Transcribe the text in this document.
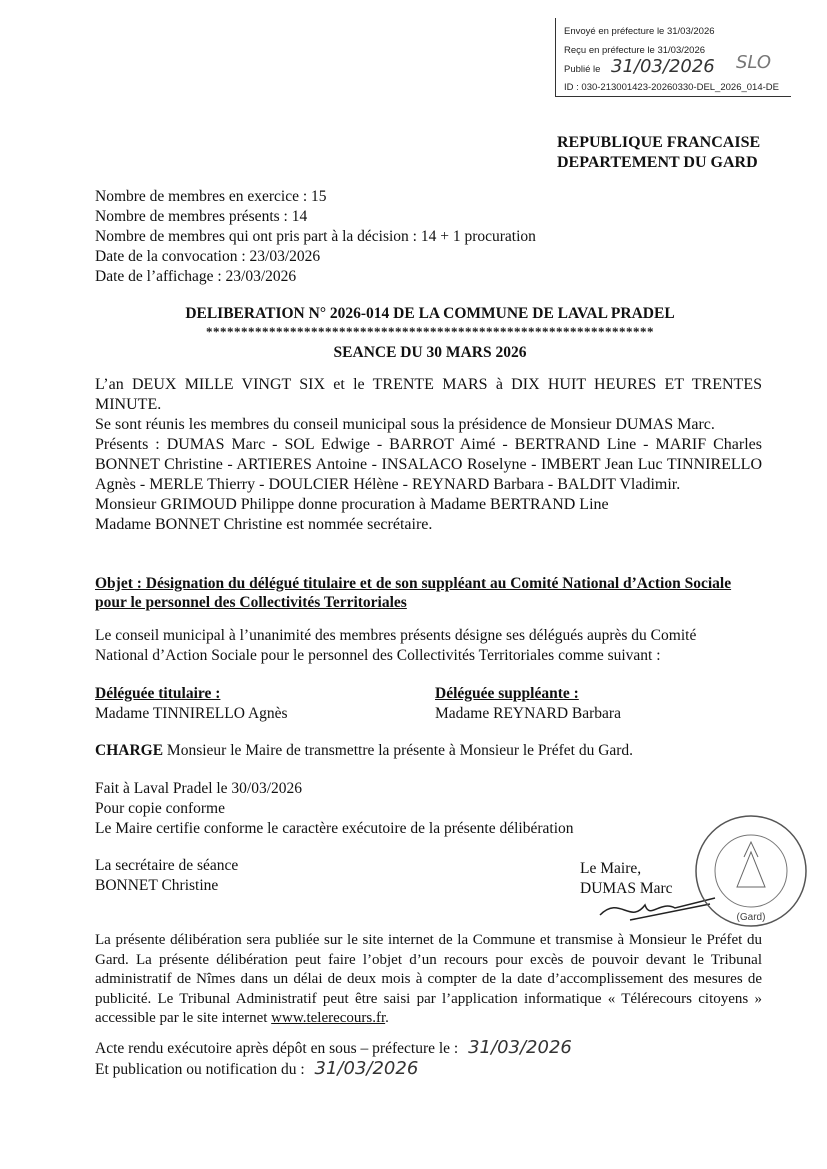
Envoyé en préfecture le 31/03/2026
Reçu en préfecture le 31/03/2026
Publié le 31/03/2026 SLO
ID : 030-213001423-20260330-DEL_2026_014-DE
REPUBLIQUE FRANCAISE
DEPARTEMENT DU GARD
Nombre de membres en exercice : 15
Nombre de membres présents : 14
Nombre de membres qui ont pris part à la décision : 14 + 1 procuration
Date de la convocation : 23/03/2026
Date de l’affichage : 23/03/2026
DELIBERATION N° 2026-014 DE LA COMMUNE DE LAVAL PRADEL
****************************************************************
SEANCE DU 30 MARS 2026
L’an DEUX MILLE VINGT SIX et le TRENTE MARS à DIX HUIT HEURES ET TRENTES MINUTE.
Se sont réunis les membres du conseil municipal sous la présidence de Monsieur DUMAS Marc.
Présents : DUMAS Marc - SOL Edwige - BARROT Aimé - BERTRAND Line - MARIF Charles BONNET Christine - ARTIERES Antoine - INSALACO Roselyne - IMBERT Jean Luc TINNIRELLO Agnès - MERLE Thierry - DOULCIER Hélène - REYNARD Barbara - BALDIT Vladimir.
Monsieur GRIMOUD Philippe donne procuration à Madame BERTRAND Line
Madame BONNET Christine est nommée secrétaire.
Objet : Désignation du délégué titulaire et de son suppléant au Comité National d’Action Sociale pour le personnel des Collectivités Territoriales
Le conseil municipal à l’unanimité des membres présents désigne ses délégués auprès du Comité National d’Action Sociale pour le personnel des Collectivités Territoriales comme suivant :
Déléguée titulaire :
Madame TINNIRELLO Agnès
Déléguée suppléante :
Madame REYNARD Barbara
CHARGE Monsieur le Maire de transmettre la présente à Monsieur le Préfet du Gard.
Fait à Laval Pradel le 30/03/2026
Pour copie conforme
Le Maire certifie conforme le caractère exécutoire de la présente délibération
La secrétaire de séance
BONNET Christine
Le Maire,
DUMAS Marc
(Gard)
La présente délibération sera publiée sur le site internet de la Commune et transmise à Monsieur le Préfet du Gard. La présente délibération peut faire l’objet d’un recours pour excès de pouvoir devant le Tribunal administratif de Nîmes dans un délai de deux mois à compter de la date d’accomplissement des mesures de publicité. Le Tribunal Administratif peut être saisi par l’application informatique « Télérecours citoyens » accessible par le site internet www.telerecours.fr.
Acte rendu exécutoire après dépôt en sous – préfecture le : 31/03/2026
Et publication ou notification du : 31/03/2026
